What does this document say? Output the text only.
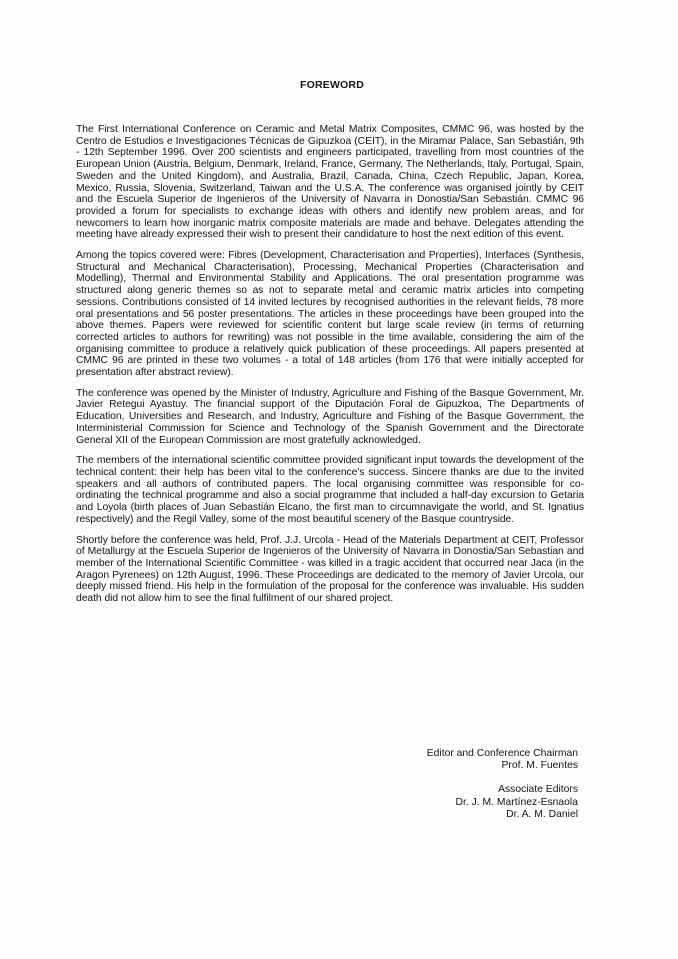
FOREWORD

The First International Conference on Ceramic and Metal Matrix Composites, CMMC 96, was hosted by the Centro de Estudios e Investigaciones Técnicas de Gipuzkoa (CEIT), in the Miramar Palace, San Sebastián, 9th - 12th September 1996. Over 200 scientists and engineers participated, travelling from most countries of the European Union (Austria, Belgium, Denmark, Ireland, France, Germany, The Netherlands, Italy, Portugal, Spain, Sweden and the United Kingdom), and Australia, Brazil, Canada, China, Czech Republic, Japan, Korea, Mexico, Russia, Slovenia, Switzerland, Taiwan and the U.S.A. The conference was organised jointly by CEIT and the Escuela Superior de Ingenieros of the University of Navarra in Donostia/San Sebastián. CMMC 96 provided a forum for specialists to exchange ideas with others and identify new problem areas, and for newcomers to learn how inorganic matrix composite materials are made and behave. Delegates attending the meeting have already expressed their wish to present their candidature to host the next edition of this event.

Among the topics covered were: Fibres (Development, Characterisation and Properties), Interfaces (Synthesis, Structural and Mechanical Characterisation), Processing, Mechanical Properties (Characterisation and Modelling), Thermal and Environmental Stability and Applications. The oral presentation programme was structured along generic themes so as not to separate metal and ceramic matrix articles into competing sessions. Contributions consisted of 14 invited lectures by recognised authorities in the relevant fields, 78 more oral presentations and 56 poster presentations. The articles in these proceedings have been grouped into the above themes. Papers were reviewed for scientific content but large scale review (in terms of returning corrected articles to authors for rewriting) was not possible in the time available, considering the aim of the organising committee to produce a relatively quick publication of these proceedings. All papers presented at CMMC 96 are printed in these two volumes - a total of 148 articles (from 176 that were initially accepted for presentation after abstract review).

The conference was opened by the Minister of Industry, Agriculture and Fishing of the Basque Government, Mr. Javier Retegui Ayastuy. The financial support of the Diputación Foral de Gipuzkoa, The Departments of Education, Universities and Research, and Industry, Agriculture and Fishing of the Basque Government, the Interministerial Commission for Science and Technology of the Spanish Government and the Directorate General XII of the European Commission are most gratefully acknowledged.

The members of the international scientific committee provided significant input towards the development of the technical content: their help has been vital to the conference's success. Sincere thanks are due to the invited speakers and all authors of contributed papers. The local organising committee was responsible for co-ordinating the technical programme and also a social programme that included a half-day excursion to Getaria and Loyola (birth places of Juan Sebastián Elcano, the first man to circumnavigate the world, and St. Ignatius respectively) and the Regil Valley, some of the most beautiful scenery of the Basque countryside.

Shortly before the conference was held, Prof. J.J. Urcola - Head of the Materials Department at CEIT, Professor of Metallurgy at the Escuela Superior de Ingenieros of the University of Navarra in Donostia/San Sebastian and member of the International Scientific Committee - was killed in a tragic accident that occurred near Jaca (in the Aragon Pyrenees) on 12th August, 1996. These Proceedings are dedicated to the memory of Javier Urcola, our deeply missed friend. His help in the formulation of the proposal for the conference was invaluable. His sudden death did not allow him to see the final fulfilment of our shared project.

Editor and Conference Chairman
Prof. M. Fuentes
Associate Editors
Dr. J. M. Martínez-Esnaola
Dr. A. M. Daniel
